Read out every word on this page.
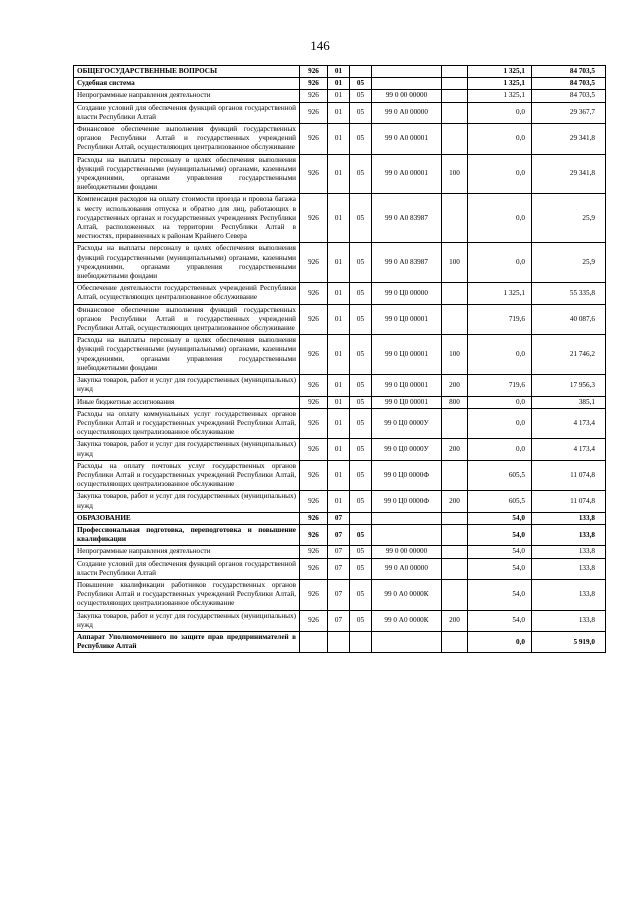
146
ОБЩЕГОСУДАРСТВЕННЫЕ ВОПРОСЫ	926	01				1 325,1	84 703,5
Судебная система	926	01	05			1 325,1	84 703,5
Непрограммные направления деятельности	926	01	05	99 0 00 00000		1 325,1	84 703,5
Создание условий для обеспечения функций органов государственной власти Республики Алтай	926	01	05	99 0 А0 00000		0,0	29 367,7
Финансовое обеспечение выполнения функций государственных органов Республики Алтай и государственных учреждений Республики Алтай, осуществляющих централизованное обслуживание	926	01	05	99 0 А0 00001		0,0	29 341,8
Расходы на выплаты персоналу в целях обеспечения выполнения функций государственными (муниципальными) органами, казенными учреждениями, органами управления государственными внебюджетными фондами	926	01	05	99 0 А0 00001	100	0,0	29 341,8
Компенсация расходов на оплату стоимости проезда и провоза багажа к месту использования отпуска и обратно для лиц, работающих в государственных органах и государственных учреждениях Республики Алтай, расположенных на территории Республики Алтай в местностях, приравненных к районам Крайнего Севера	926	01	05	99 0 А0 83987		0,0	25,9
Расходы на выплаты персоналу в целях обеспечения выполнения функций государственными (муниципальными) органами, казенными учреждениями, органами управления государственными внебюджетными фондами	926	01	05	99 0 А0 83987	100	0,0	25,9
Обеспечение деятельности государственных учреждений Республики Алтай, осуществляющих централизованное обслуживание	926	01	05	99 0 Ц0 00000		1 325,1	55 335,8
Финансовое обеспечение выполнения функций государственных органов Республики Алтай и государственных учреждений Республики Алтай, осуществляющих централизованное обслуживание	926	01	05	99 0 Ц0 00001		719,6	40 087,6
Расходы на выплаты персоналу в целях обеспечения выполнения функций государственными (муниципальными) органами, казенными учреждениями, органами управления государственными внебюджетными фондами	926	01	05	99 0 Ц0 00001	100	0,0	21 746,2
Закупка товаров, работ и услуг для государственных (муниципальных) нужд	926	01	05	99 0 Ц0 00001	200	719,6	17 956,3
Иные бюджетные ассигнования	926	01	05	99 0 Ц0 00001	800	0,0	385,1
Расходы на оплату коммунальных услуг государственных органов Республики Алтай и государственных учреждений Республики Алтай, осуществляющих централизованное обслуживание	926	01	05	99 0 Ц0 0000У		0,0	4 173,4
Закупка товаров, работ и услуг для государственных (муниципальных) нужд	926	01	05	99 0 Ц0 0000У	200	0,0	4 173,4
Расходы на оплату почтовых услуг государственных органов Республики Алтай и государственных учреждений Республики Алтай, осуществляющих централизованное обслуживание	926	01	05	99 0 Ц0 0000Ф		605,5	11 074,8
Закупка товаров, работ и услуг для государственных (муниципальных) нужд	926	01	05	99 0 Ц0 0000Ф	200	605,5	11 074,8
ОБРАЗОВАНИЕ	926	07				54,0	133,8
Профессиональная подготовка, переподготовка и повышение квалификации	926	07	05			54,0	133,8
Непрограммные направления деятельности	926	07	05	99 0 00 00000		54,0	133,8
Создание условий для обеспечения функций органов государственной власти Республики Алтай	926	07	05	99 0 А0 00000		54,0	133,8
Повышение квалификации работников государственных органов Республики Алтай и государственных учреждений Республики Алтай, осуществляющих централизованное обслуживание	926	07	05	99 0 А0 0000К		54,0	133,8
Закупка товаров, работ и услуг для государственных (муниципальных) нужд	926	07	05	99 0 А0 0000К	200	54,0	133,8
Аппарат Уполномоченного по защите прав предпринимателей в Республике Алтай						0,0	5 919,0
